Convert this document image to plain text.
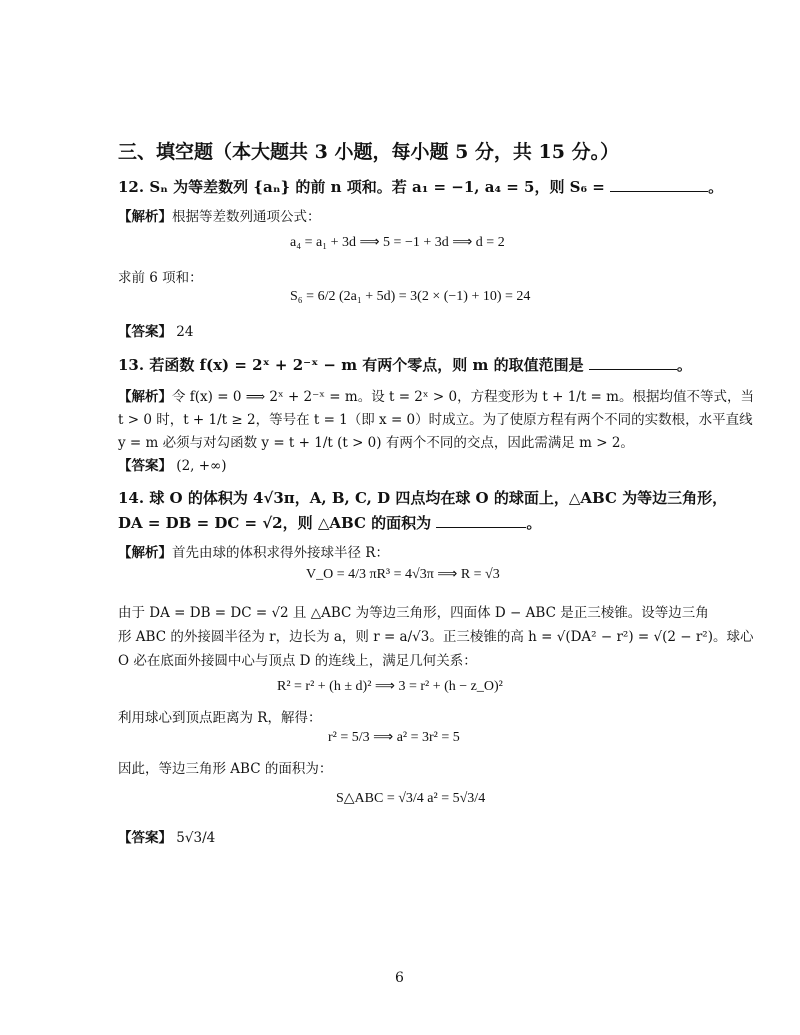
三、填空题（本大题共 3 小题，每小题 5 分，共 15 分。）
12. Sₙ 为等差数列 {aₙ} 的前 n 项和。若 a₁ = −1, a₄ = 5，则 S₆ =	。
【解析】根据等差数列通项公式：
a₄ = a₁ + 3d ⟹ 5 = −1 + 3d ⟹ d = 2
求前 6 项和：
S₆ = 6/2 (2a₁ + 5d) = 3(2 × (−1) + 10) = 24
【答案】 24
13. 若函数 f(x) = 2ˣ + 2⁻ˣ − m 有两个零点，则 m 的取值范围是	。
【解析】令 f(x) = 0 ⟹ 2ˣ + 2⁻ˣ = m。设 t = 2ˣ > 0，方程变形为 t + 1/t = m。根据均值不等式，当
t > 0 时，t + 1/t ≥ 2，等号在 t = 1（即 x = 0）时成立。为了使原方程有两个不同的实数根，水平直线
y = m 必须与对勾函数 y = t + 1/t (t > 0) 有两个不同的交点，因此需满足 m > 2。
【答案】 (2, +∞)
14. 球 O 的体积为 4√3π，A, B, C, D 四点均在球 O 的球面上，△ABC 为等边三角形，
DA = DB = DC = √2，则 △ABC 的面积为	。
【解析】首先由球的体积求得外接球半径 R：
V_O = 4/3 πR³ = 4√3π ⟹ R = √3
由于 DA = DB = DC = √2 且 △ABC 为等边三角形，四面体 D − ABC 是正三棱锥。设等边三角
形 ABC 的外接圆半径为 r，边长为 a，则 r = a/√3。正三棱锥的高 h = √(DA² − r²) = √(2 − r²)。球心
O 必在底面外接圆中心与顶点 D 的连线上，满足几何关系：
R² = r² + (h ± d)² ⟹ 3 = r² + (h − z_O)²
利用球心到顶点距离为 R，解得：
r² = 5/3 ⟹ a² = 3r² = 5
因此，等边三角形 ABC 的面积为：
S△ABC = √3/4 a² = 5√3/4
【答案】 5√3/4
6
